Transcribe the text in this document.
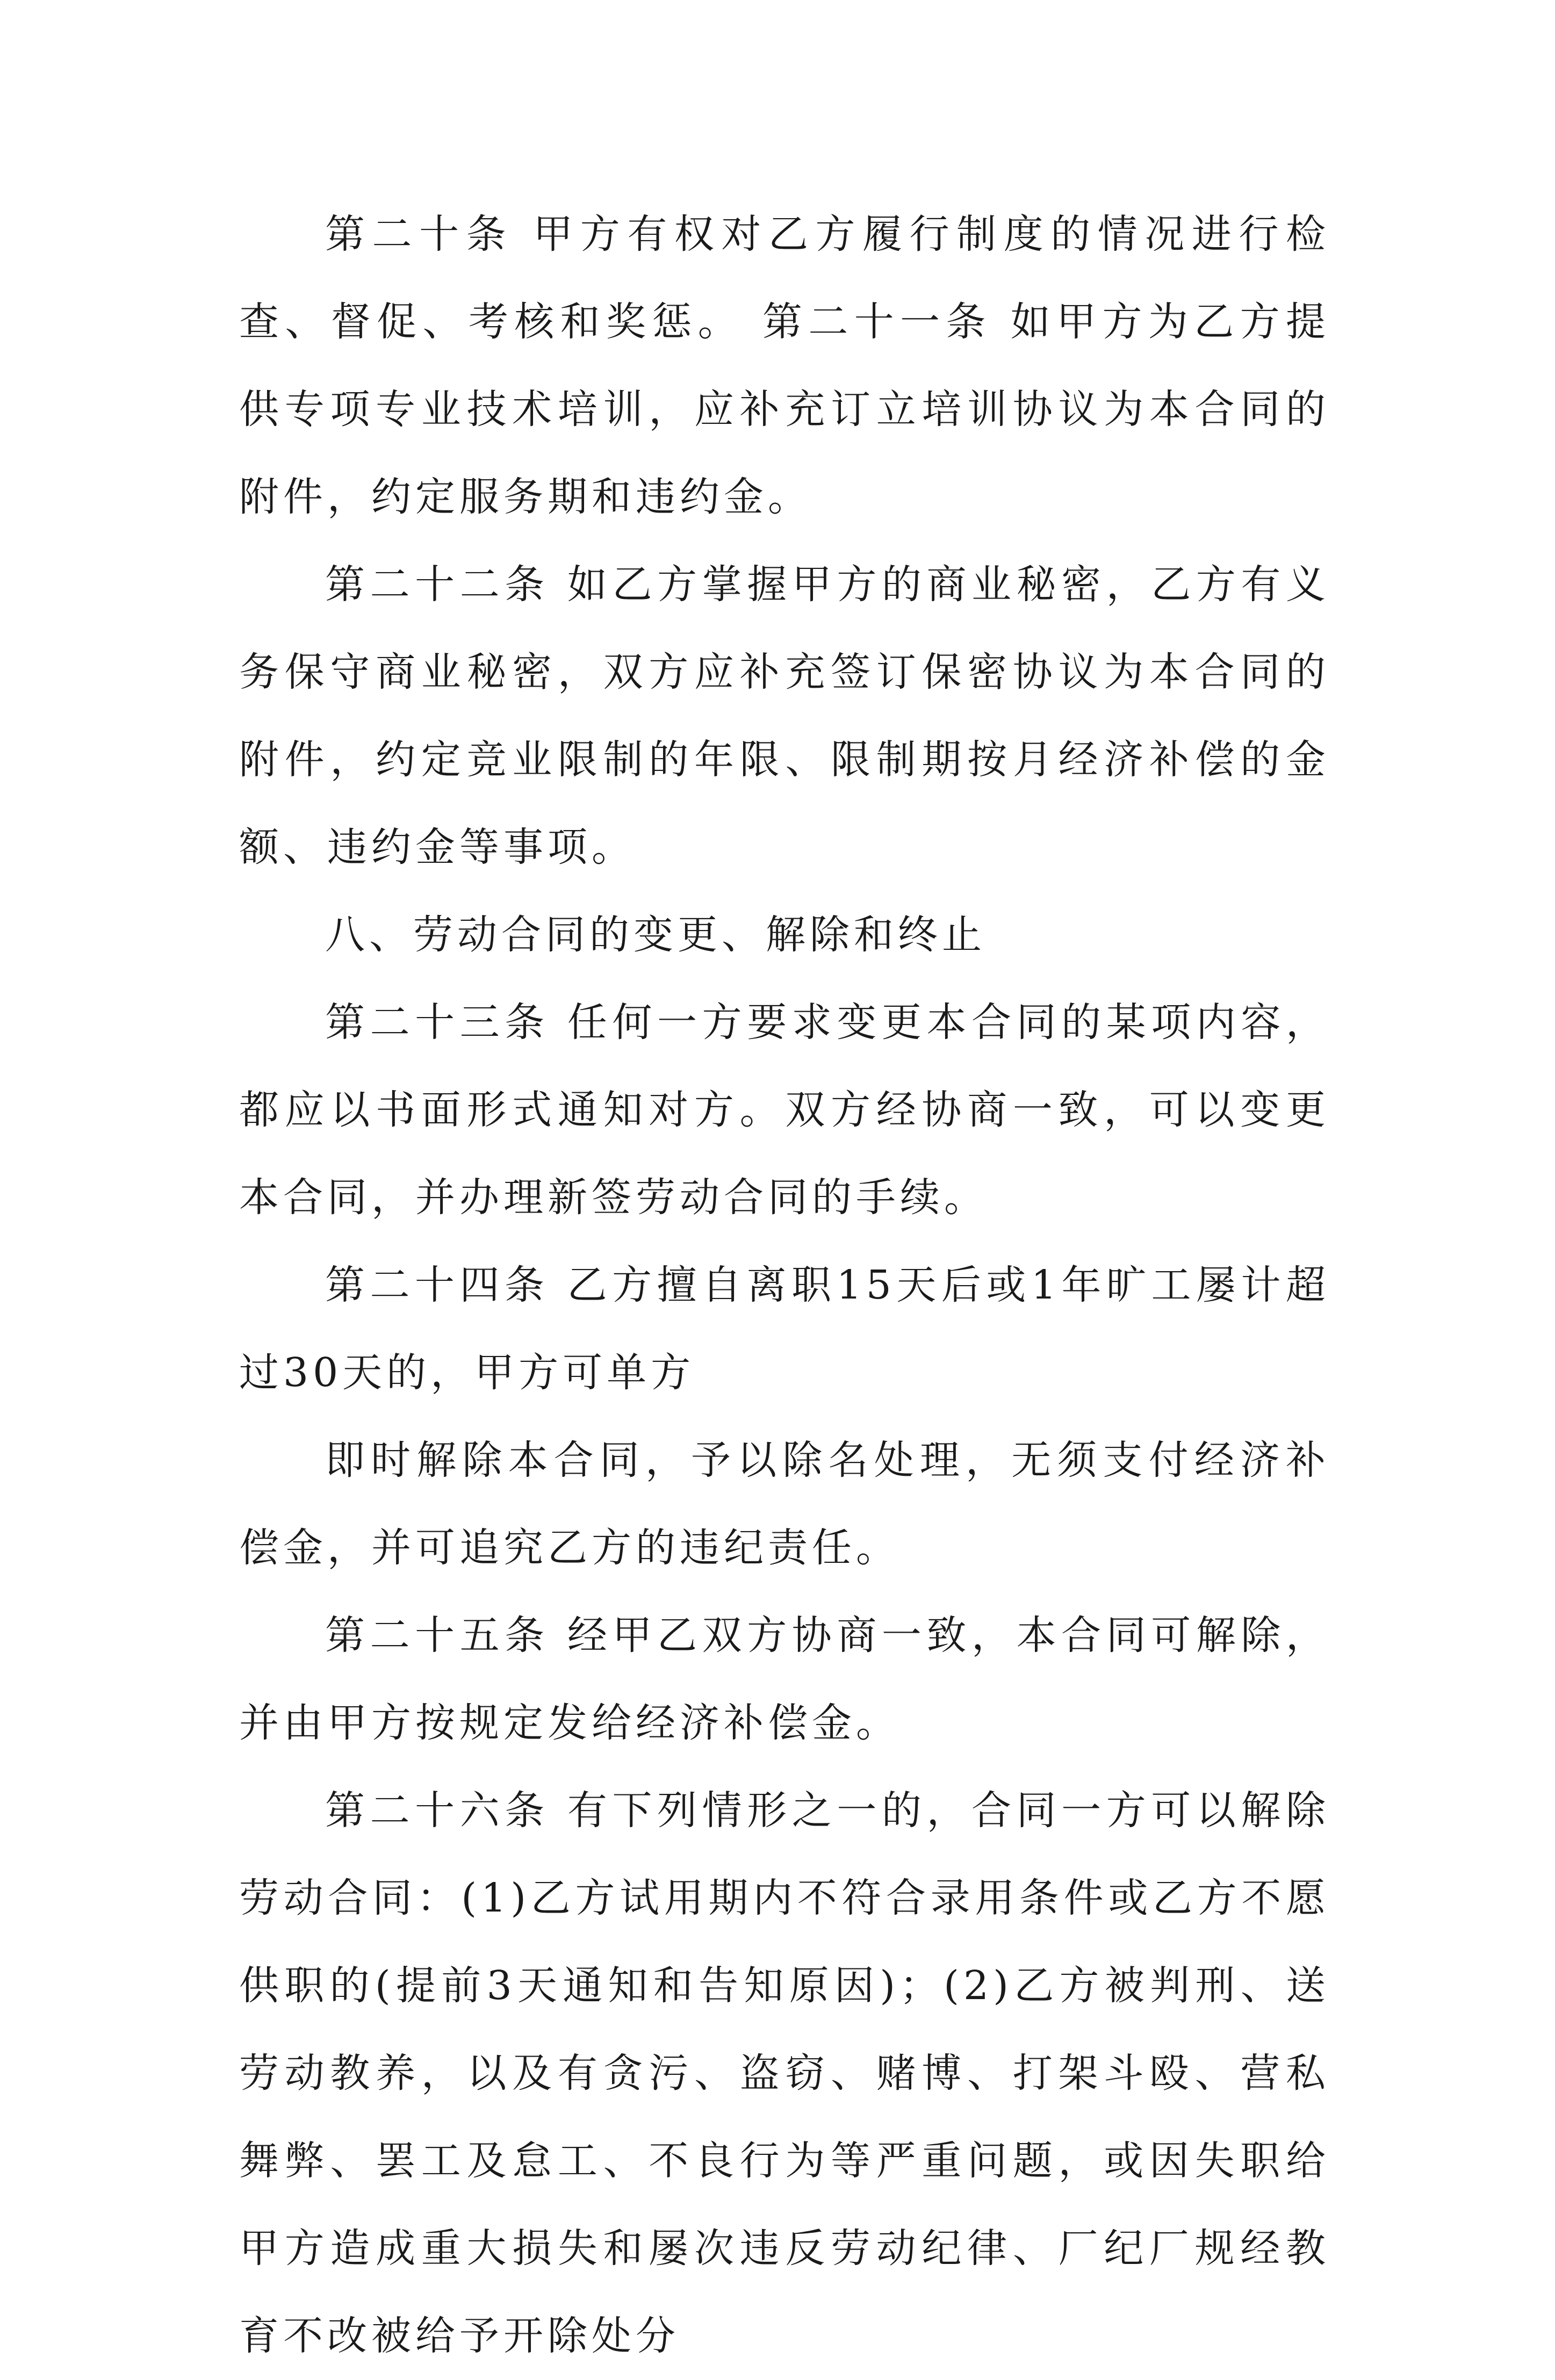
第二十条 甲方有权对乙方履行制度的情况进行检查、督促、考核和奖惩。 第二十一条 如甲方为乙方提供专项专业技术培训，应补充订立培训协议为本合同的附件，约定服务期和违约金。

第二十二条 如乙方掌握甲方的商业秘密，乙方有义务保守商业秘密，双方应补充签订保密协议为本合同的附件，约定竞业限制的年限、限制期按月经济补偿的金额、违约金等事项。

八、劳动合同的变更、解除和终止

第二十三条 任何一方要求变更本合同的某项内容，都应以书面形式通知对方。双方经协商一致，可以变更本合同，并办理新签劳动合同的手续。

第二十四条 乙方擅自离职15天后或1年旷工屡计超过30天的，甲方可单方

即时解除本合同，予以除名处理，无须支付经济补偿金，并可追究乙方的违纪责任。

第二十五条 经甲乙双方协商一致，本合同可解除，并由甲方按规定发给经济补偿金。

第二十六条 有下列情形之一的，合同一方可以解除劳动合同：(1)乙方试用期内不符合录用条件或乙方不愿供职的(提前3天通知和告知原因)；(2)乙方被判刑、送劳动教养，以及有贪污、盗窃、赌博、打架斗殴、营私舞弊、罢工及怠工、不良行为等严重问题，或因失职给甲方造成重大损失和屡次违反劳动纪律、厂纪厂规经教育不改被给予开除处分
